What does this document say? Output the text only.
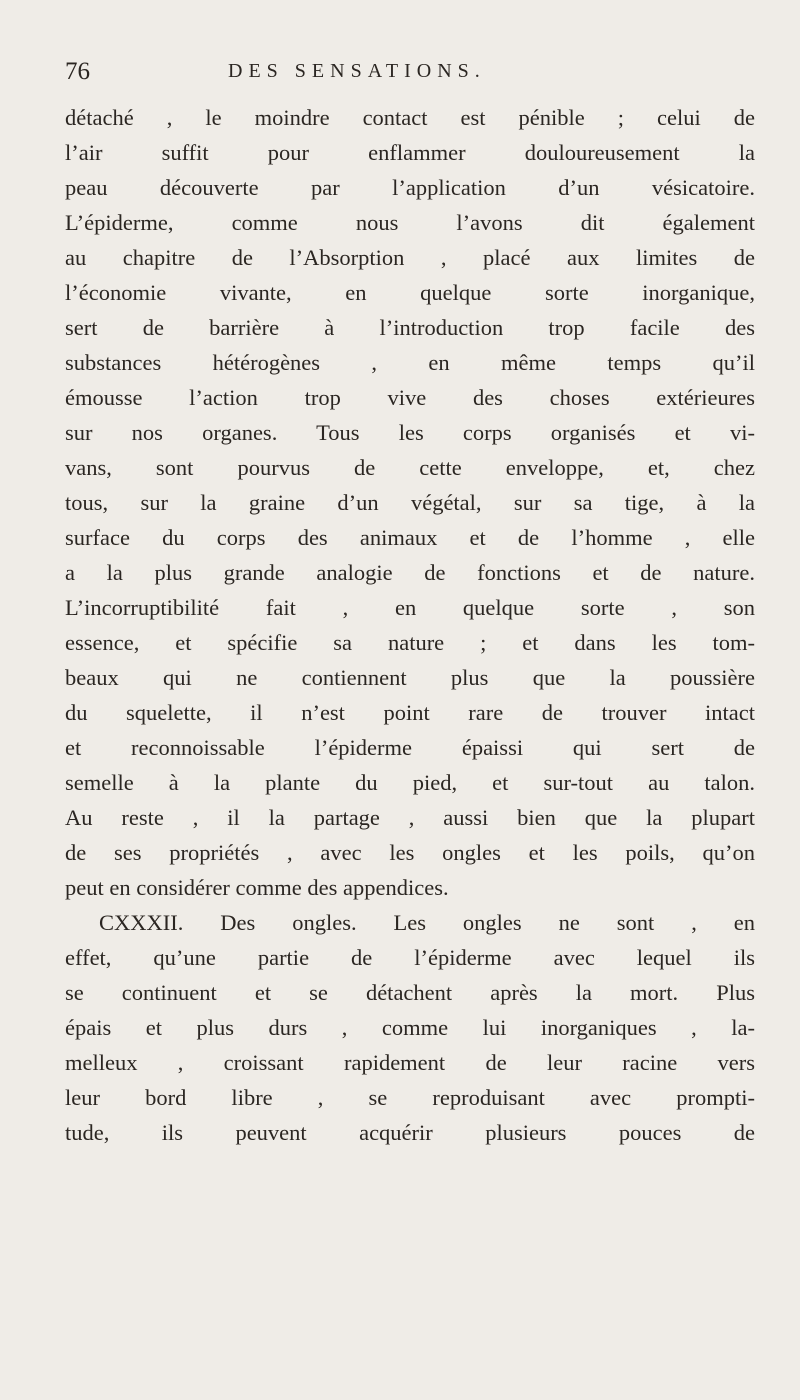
76	DES SENSATIONS.
détaché , le moindre contact est pénible ; celui de
l’air suffit pour enflammer douloureusement la
peau découverte par l’application d’un vésicatoire.
L’épiderme, comme nous l’avons dit également
au chapitre de l’Absorption , placé aux limites de
l’économie vivante, en quelque sorte inorganique,
sert de barrière à l’introduction trop facile des
substances hétérogènes , en même temps qu’il
émousse l’action trop vive des choses extérieures
sur nos organes. Tous les corps organisés et vi-
vans, sont pourvus de cette enveloppe, et, chez
tous, sur la graine d’un végétal, sur sa tige, à la
surface du corps des animaux et de l’homme , elle
a la plus grande analogie de fonctions et de nature.
L’incorruptibilité fait , en quelque sorte , son
essence, et spécifie sa nature ; et dans les tom-
beaux qui ne contiennent plus que la poussière
du squelette, il n’est point rare de trouver intact
et reconnoissable l’épiderme épaissi qui sert de
semelle à la plante du pied, et sur-tout au talon.
Au reste , il la partage , aussi bien que la plupart
de ses propriétés , avec les ongles et les poils, qu’on
peut en considérer comme des appendices.
CXXXII. Des ongles. Les ongles ne sont , en
effet, qu’une partie de l’épiderme avec lequel ils
se continuent et se détachent après la mort. Plus
épais et plus durs , comme lui inorganiques , la-
melleux , croissant rapidement de leur racine vers
leur bord libre , se reproduisant avec prompti-
tude, ils peuvent acquérir plusieurs pouces de
